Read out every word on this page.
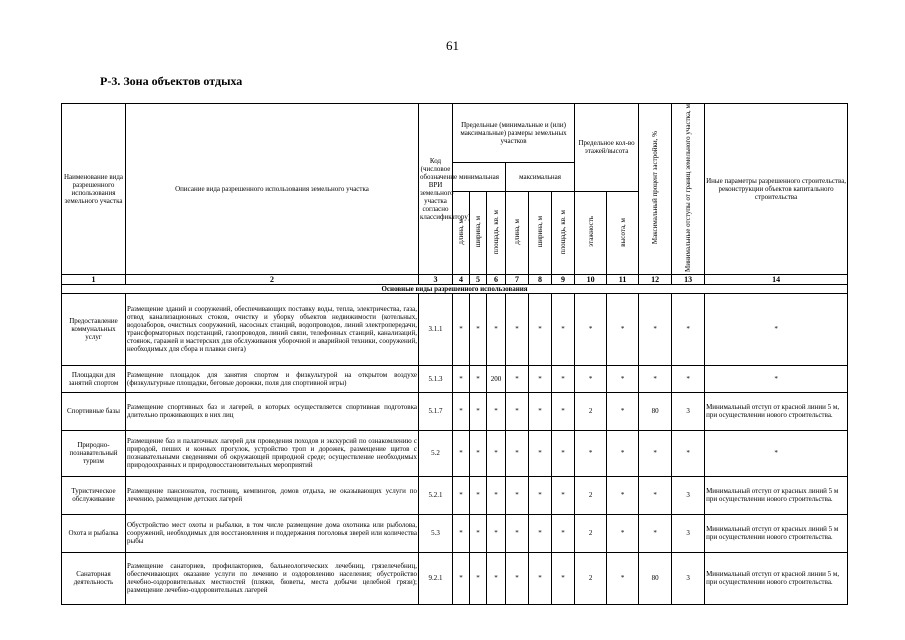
61
Р-3. Зона объектов отдыха
Наименование вида разрешенного использования земельного участка	Описание вида разрешенного использования земельного участка	Код (числовое обозначение ВРИ земельного участка согласно классификатору)	Предельные (минимальные и (или) максимальные) размеры земельных участков						Предельное кол-во этажей/высота		Максимальный процент застройки, %	Минимальные отступы от границ земельного участка, м	Иные параметры разрешенного строительства, реконструкции объектов капитального строительства
			минимальная			максимальная							
			длина, м	ширина, м	площадь, кв. м	длина, м	ширина, м	площадь, кв. м	этажность	высота, м			
1	2	3	4	5	6	7	8	9	10	11	12	13	14
Основные виды разрешенного использования													
Предоставление коммунальных услуг	Размещение зданий и сооружений, обеспечивающих поставку воды, тепла, электричества, газа, отвод канализационных стоков, очистку и уборку объектов недвижимости (котельных, водозаборов, очистных сооружений, насосных станций, водопроводов, линий электропередачи, трансформаторных подстанций, газопроводов, линий связи, телефонных станций, канализаций, стоянок, гаражей и мастерских для обслуживания уборочной и аварийной техники, сооружений, необходимых для сбора и плавки снега)	3.1.1	*	*	*	*	*	*	*	*	*	*	*
Площадки для занятий спортом	Размещение площадок для занятия спортом и физкультурой на открытом воздухе (физкультурные площадки, беговые дорожки, поля для спортивной игры)	5.1.3	*	*	200	*	*	*	*	*	*	*	*
Спортивные базы	Размещение спортивных баз и лагерей, в которых осуществляется спортивная подготовка длительно проживающих в них лиц	5.1.7	*	*	*	*	*	*	2	*	80	3	Минимальный отступ от красной линии 5 м, при осуществлении нового строительства.
Природно-познавательный туризм	Размещение баз и палаточных лагерей для проведения походов и экскурсий по ознакомлению с природой, пеших и конных прогулок, устройство троп и дорожек, размещение щитов с познавательными сведениями об окружающей природной среде; осуществление необходимых природоохранных и природовосстановительных мероприятий	5.2	*	*	*	*	*	*	*	*	*	*	*
Туристическое обслуживание	Размещение пансионатов, гостиниц, кемпингов, домов отдыха, не оказывающих услуги по лечению, размещение детских лагерей	5.2.1	*	*	*	*	*	*	2	*	*	3	Минимальный отступ от красных линий 5 м при осуществлении нового строительства.
Охота и рыбалка	Обустройство мест охоты и рыбалки, в том числе размещение дома охотника или рыболова, сооружений, необходимых для восстановления и поддержания поголовья зверей или количества рыбы	5.3	*	*	*	*	*	*	2	*	*	3	Минимальный отступ от красных линий 5 м при осуществлении нового строительства.
Санаторная деятельность	Размещение санаториев, профилакториев, бальнеологических лечебниц, грязелечебниц, обеспечивающих оказание услуги по лечению и оздоровлению населения; обустройство лечебно-оздоровительных местностей (пляжи, бюветы, места добычи целебной грязи); размещение лечебно-оздоровительных лагерей	9.2.1	*	*	*	*	*	*	2	*	80	3	Минимальный отступ от красной линии 5 м, при осуществлении нового строительства.
